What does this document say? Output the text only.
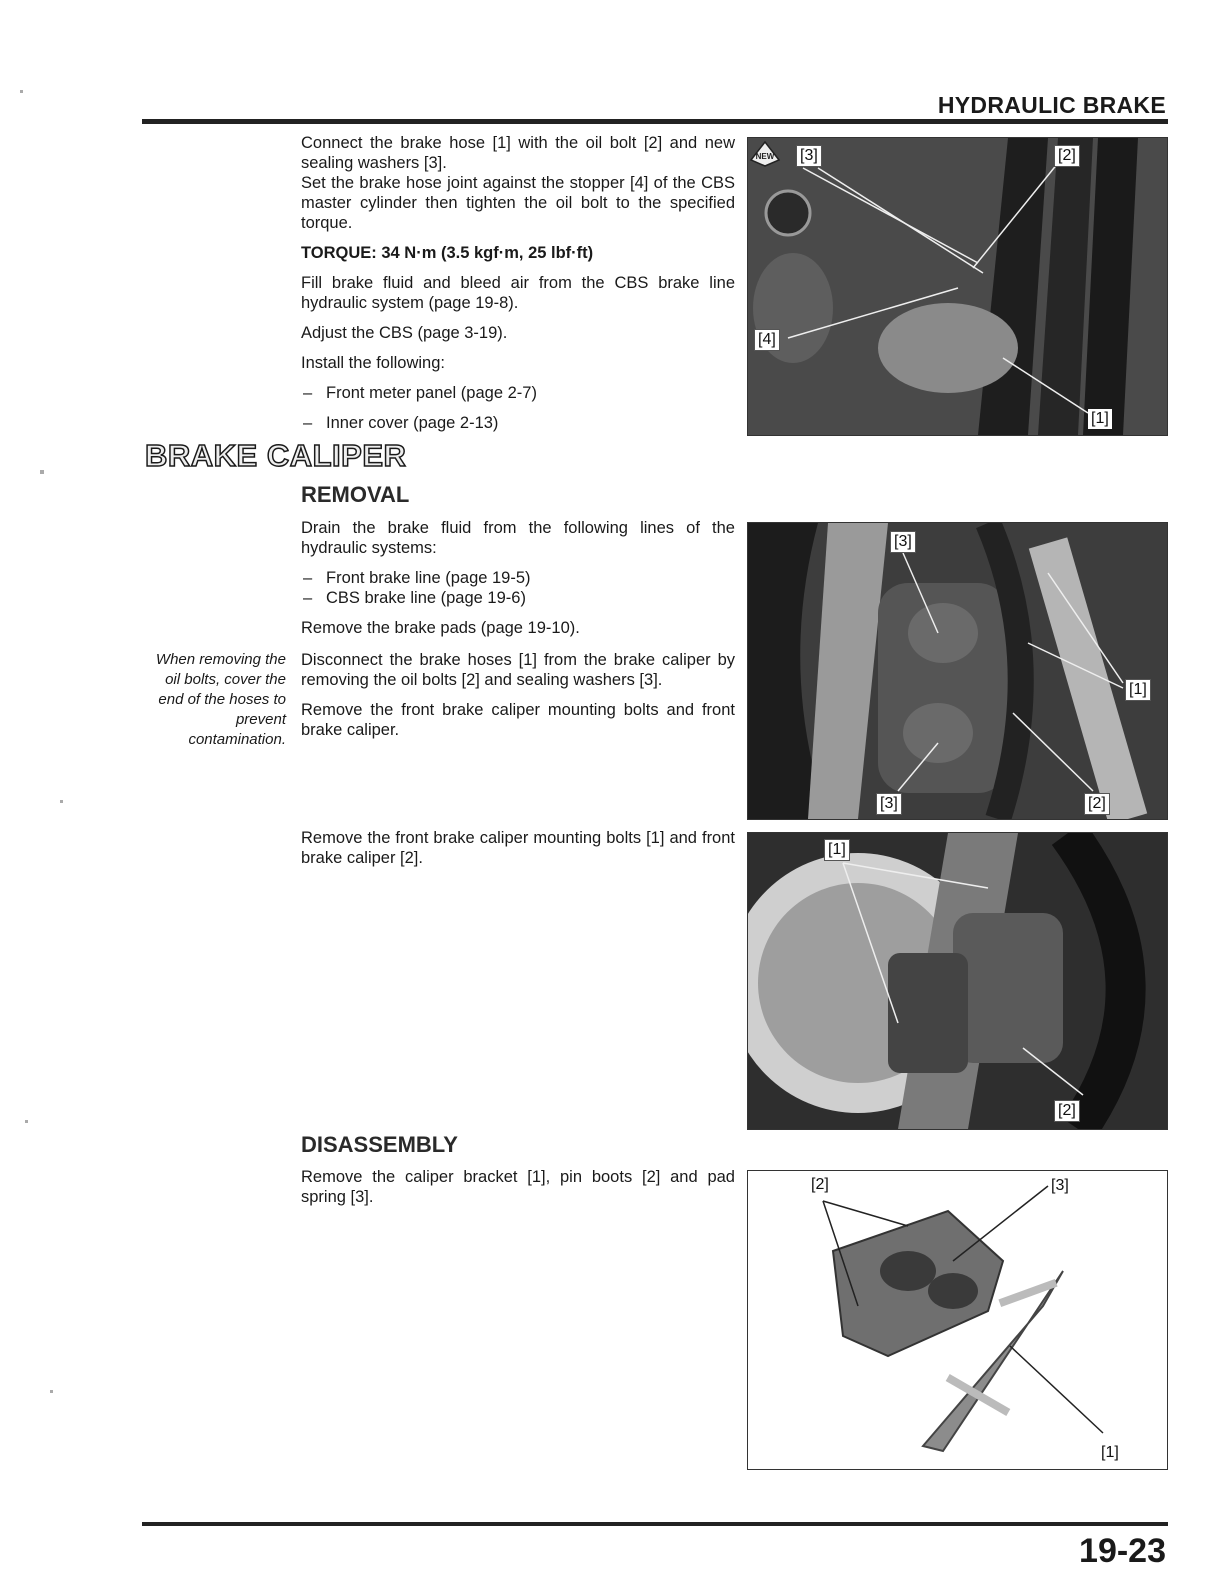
HYDRAULIC BRAKE

Connect the brake hose [1] with the oil bolt [2] and new sealing washers [3].

Set the brake hose joint against the stopper [4] of the CBS master cylinder then tighten the oil bolt to the specified torque.

TORQUE: 34 N·m (3.5 kgf·m, 25 lbf·ft)

Fill brake fluid and bleed air from the CBS brake line hydraulic system (page 19-8).

Adjust the CBS (page 3-19).

Install the following:

– Front meter panel (page 2-7)

– Inner cover (page 2-13)

NEW [3]	[2]
[4]
[1]
BRAKE CALIPER
REMOVAL

Drain the brake fluid from the following lines of the hydraulic systems:

– Front brake line (page 19-5)

– CBS brake line (page 19-6)

Remove the brake pads (page 19-10).

Disconnect the brake hoses [1] from the brake caliper by removing the oil bolts [2] and sealing washers [3].

Remove the front brake caliper mounting bolts and front brake caliper.

When removing the oil bolts, cover the end of the hoses to prevent contamination.
[3]
[1]
[3]	[2]

Remove the front brake caliper mounting bolts [1] and front brake caliper [2].	[1]
[2]
DISASSEMBLY

Remove the caliper bracket [1], pin boots [2] and pad spring [3].

[2]	[3]
[1]
19-23
